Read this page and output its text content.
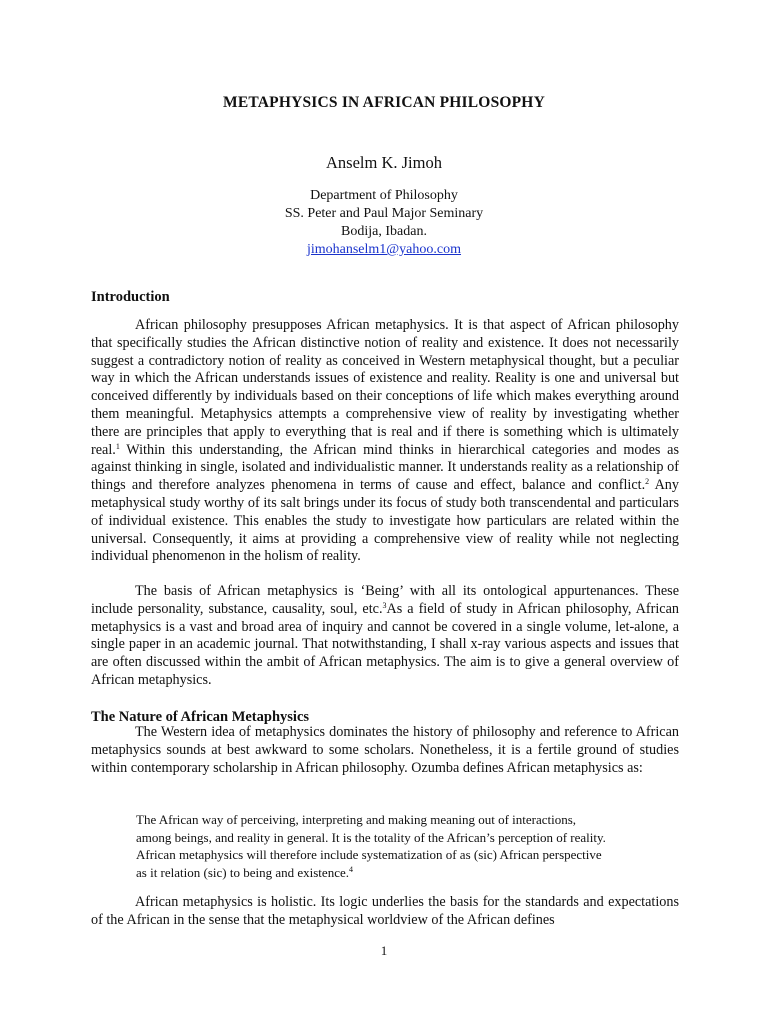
METAPHYSICS IN AFRICAN PHILOSOPHY
Anselm K. Jimoh
Department of Philosophy
SS. Peter and Paul Major Seminary
Bodija, Ibadan.
jimohanselm1@yahoo.com
Introduction

African philosophy presupposes African metaphysics. It is that aspect of African philosophy that specifically studies the African distinctive notion of reality and existence. It does not necessarily suggest a contradictory notion of reality as conceived in Western metaphysical thought, but a peculiar way in which the African understands issues of existence and reality. Reality is one and universal but conceived differently by individuals based on their conceptions of life which makes everything around them meaningful. Metaphysics attempts a comprehensive view of reality by investigating whether there are principles that apply to everything that is real and if there is something which is ultimately real.$^1$ Within this understanding, the African mind thinks in hierarchical categories and modes as against thinking in single, isolated and individualistic manner. It understands reality as a relationship of things and therefore analyzes phenomena in terms of cause and effect, balance and conflict.$^2$ Any metaphysical study worthy of its salt brings under its focus of study both transcendental and particulars of individual existence. This enables the study to investigate how particulars are related within the universal. Consequently, it aims at providing a comprehensive view of reality while not neglecting individual phenomenon in the holism of reality.

The basis of African metaphysics is ‘Being’ with all its ontological appurtenances. These include personality, substance, causality, soul, etc.$^3$As a field of study in African philosophy, African metaphysics is a vast and broad area of inquiry and cannot be covered in a single volume, let-alone, a single paper in an academic journal. That notwithstanding, I shall x-ray various aspects and issues that are often discussed within the ambit of African metaphysics. The aim is to give a general overview of African metaphysics.

The Nature of African Metaphysics

The Western idea of metaphysics dominates the history of philosophy and reference to African metaphysics sounds at best awkward to some scholars. Nonetheless, it is a fertile ground of studies within contemporary scholarship in African philosophy. Ozumba defines African metaphysics as:

The African way of perceiving, interpreting and making meaning out of interactions,
among beings, and reality in general. It is the totality of the African’s perception of reality.
African metaphysics will therefore include systematization of as (sic) African perspective
as it relation (sic) to being and existence.$^4$

African metaphysics is holistic. Its logic underlies the basis for the standards and expectations of the African in the sense that the metaphysical worldview of the African defines

1
